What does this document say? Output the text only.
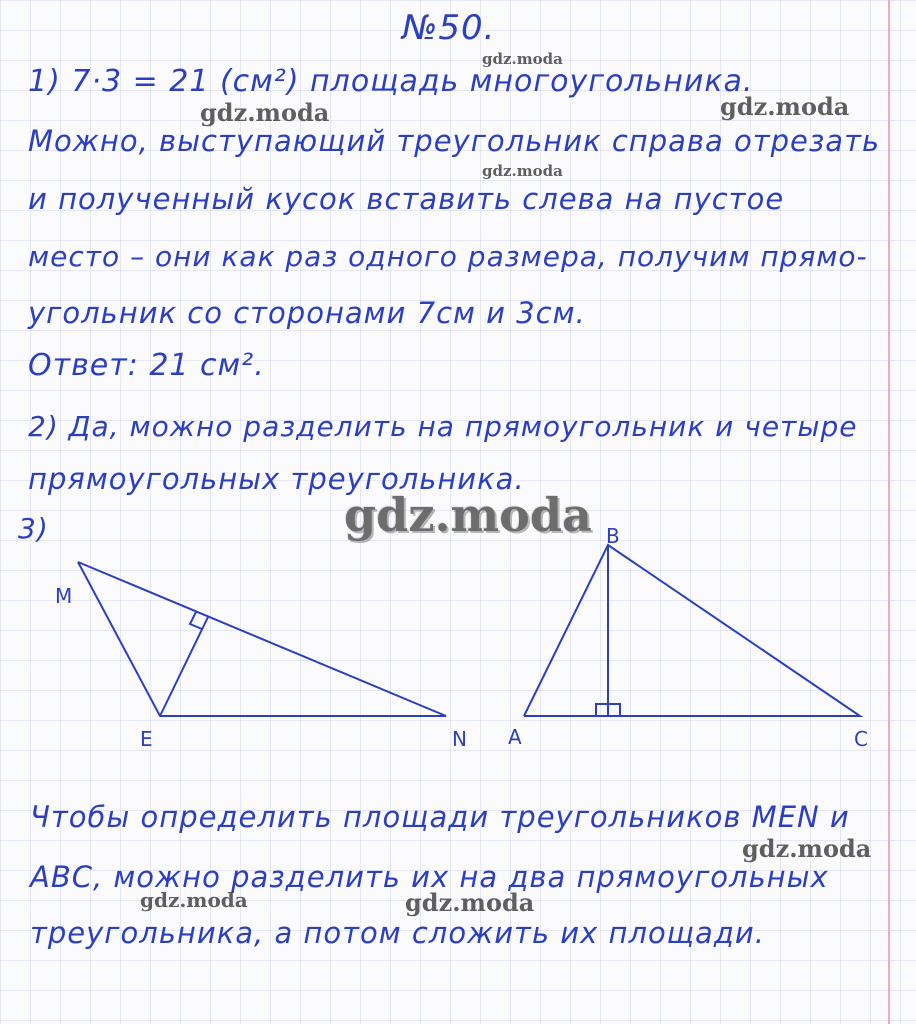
№50.
1) 7·3 = 21 (см²) площадь многоугольника.
Можно, выступающий треугольник справа отрезать
и полученный кусок вставить слева на пустое
место – они как раз одного размера, получим прямо-
угольник со сторонами 7см и 3см.
Ответ: 21 см².
2) Да, можно разделить на прямоугольник и четыре
прямоугольных треугольника.
3)
Чтобы определить площади треугольников MEN и
ABC, можно разделить их на два прямоугольных
треугольника, а потом сложить их площади.
M
E	N A
B
C
gdz.moda
gdz.moda	gdz.moda
gdz.moda
gdz.moda
gdz.moda
gdz.moda	gdz.moda
